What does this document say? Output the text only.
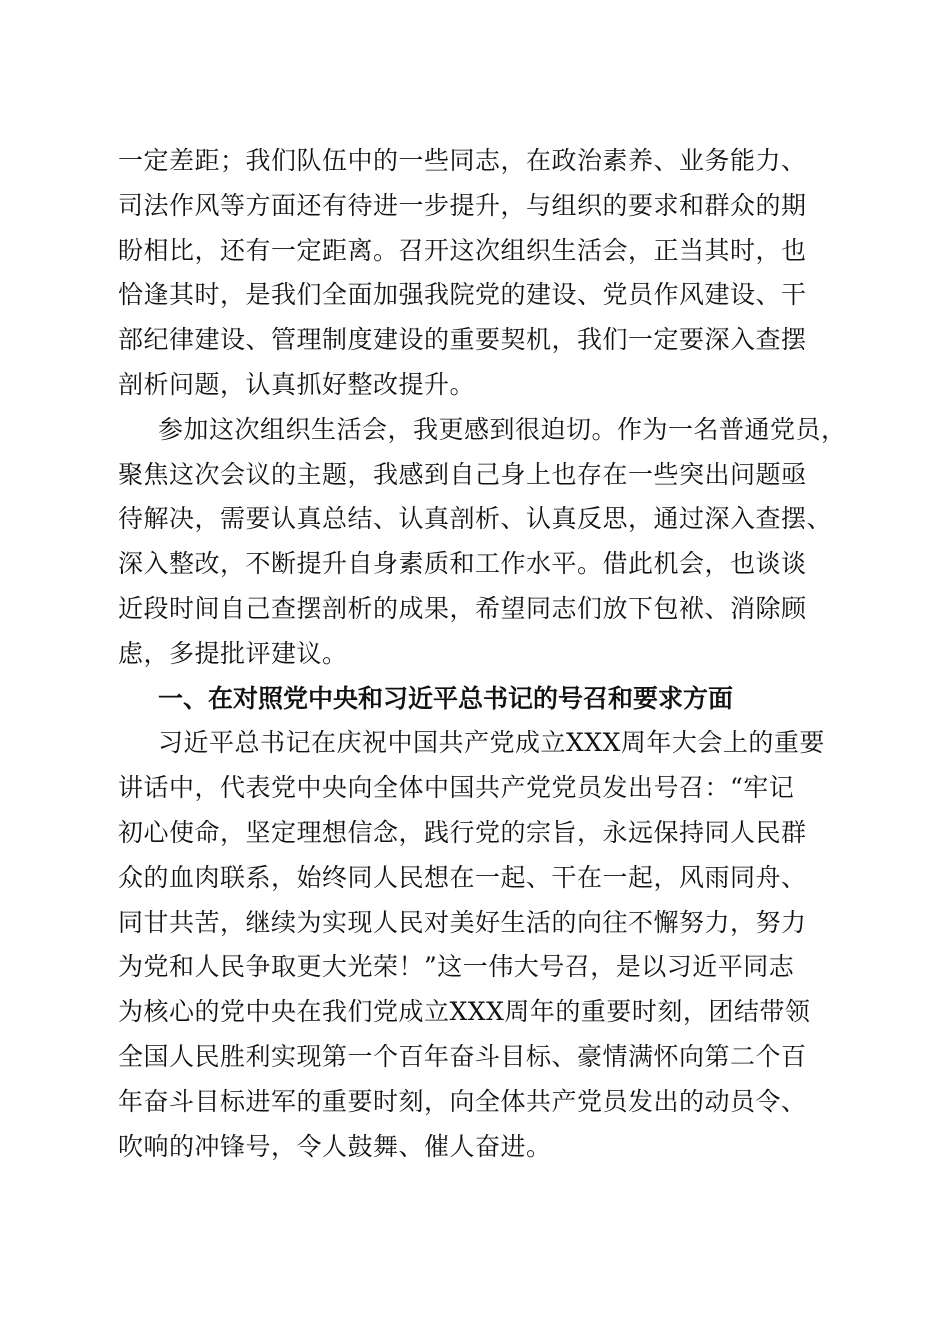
一定差距；我们队伍中的一些同志，在政治素养、业务能力、
司法作风等方面还有待进一步提升，与组织的要求和群众的期
盼相比，还有一定距离。召开这次组织生活会，正当其时，也
恰逢其时，是我们全面加强我院党的建设、党员作风建设、干
部纪律建设、管理制度建设的重要契机，我们一定要深入查摆
剖析问题，认真抓好整改提升。
参加这次组织生活会，我更感到很迫切。作为一名普通党员，
聚焦这次会议的主题，我感到自己身上也存在一些突出问题亟
待解决，需要认真总结、认真剖析、认真反思，通过深入查摆、
深入整改，不断提升自身素质和工作水平。借此机会，也谈谈
近段时间自己查摆剖析的成果，希望同志们放下包袱、消除顾
虑，多提批评建议。
一、在对照党中央和习近平总书记的号召和要求方面
习近平总书记在庆祝中国共产党成立XXX周年大会上的重要
讲话中，代表党中央向全体中国共产党党员发出号召：“牢记
初心使命，坚定理想信念，践行党的宗旨，永远保持同人民群
众的血肉联系，始终同人民想在一起、干在一起，风雨同舟、
同甘共苦，继续为实现人民对美好生活的向往不懈努力，努力
为党和人民争取更大光荣！”这一伟大号召，是以习近平同志
为核心的党中央在我们党成立XXX周年的重要时刻，团结带领
全国人民胜利实现第一个百年奋斗目标、豪情满怀向第二个百
年奋斗目标进军的重要时刻，向全体共产党员发出的动员令、
吹响的冲锋号，令人鼓舞、催人奋进。
